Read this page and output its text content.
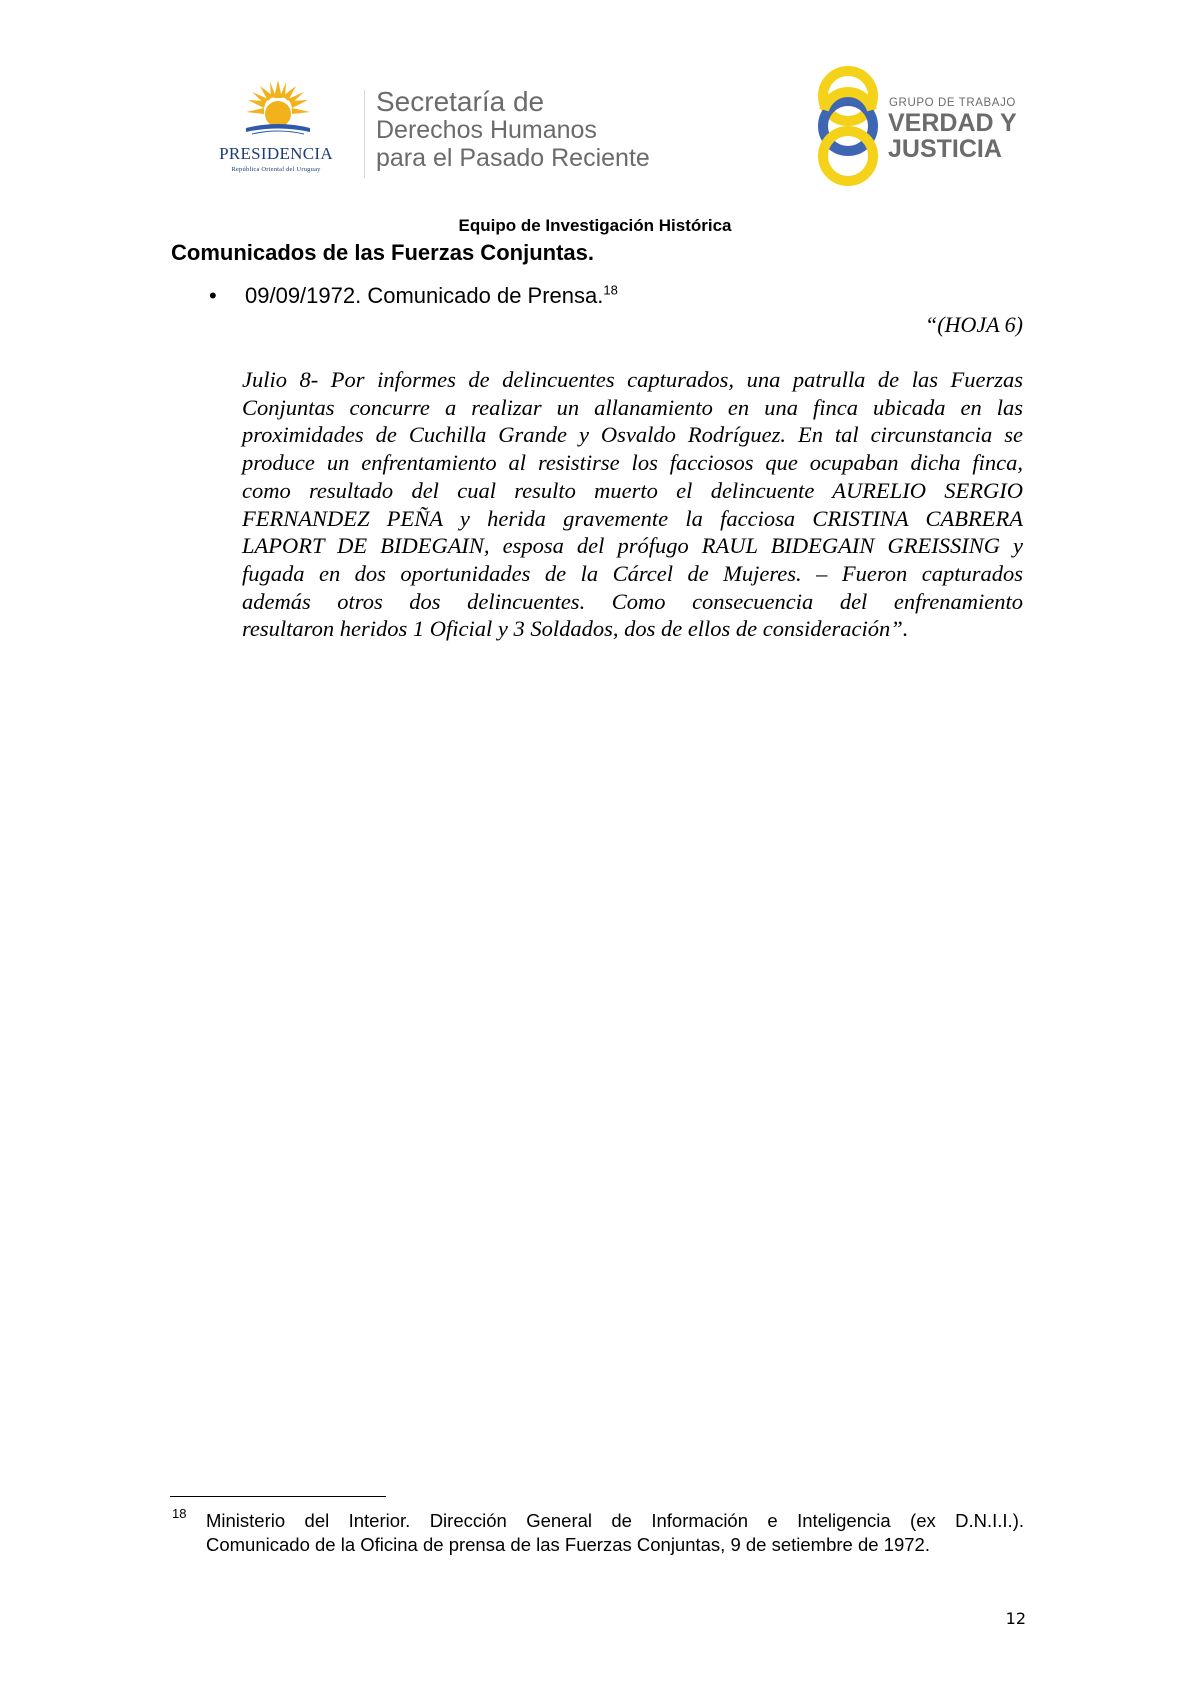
PRESIDENCIA
República Oriental del Uruguay
Secretaría de
Derechos Humanos
para el Pasado Reciente
GRUPO DE TRABAJO
VERDAD Y
JUSTICIA
Equipo de Investigación Histórica
Comunicados de las Fuerzas Conjuntas.
• 09/09/1972. Comunicado de Prensa.$^{18}$
“(HOJA 6)
Julio 8- Por informes de delincuentes capturados, una patrulla de las Fuerzas
Conjuntas concurre a realizar un allanamiento en una finca ubicada en las
proximidades de Cuchilla Grande y Osvaldo Rodríguez. En tal circunstancia se
produce un enfrentamiento al resistirse los facciosos que ocupaban dicha finca,
como resultado del cual resulto muerto el delincuente AURELIO SERGIO
FERNANDEZ PEÑA y herida gravemente la facciosa CRISTINA CABRERA
LAPORT DE BIDEGAIN, esposa del prófugo RAUL BIDEGAIN GREISSING y
fugada en dos oportunidades de la Cárcel de Mujeres. – Fueron capturados
además otros dos delincuentes. Como consecuencia del enfrenamiento
resultaron heridos 1 Oficial y 3 Soldados, dos de ellos de consideración”.
18 Ministerio del Interior. Dirección General de Información e Inteligencia (ex D.N.I.I.).
Comunicado de la Oficina de prensa de las Fuerzas Conjuntas, 9 de setiembre de 1972.
12
